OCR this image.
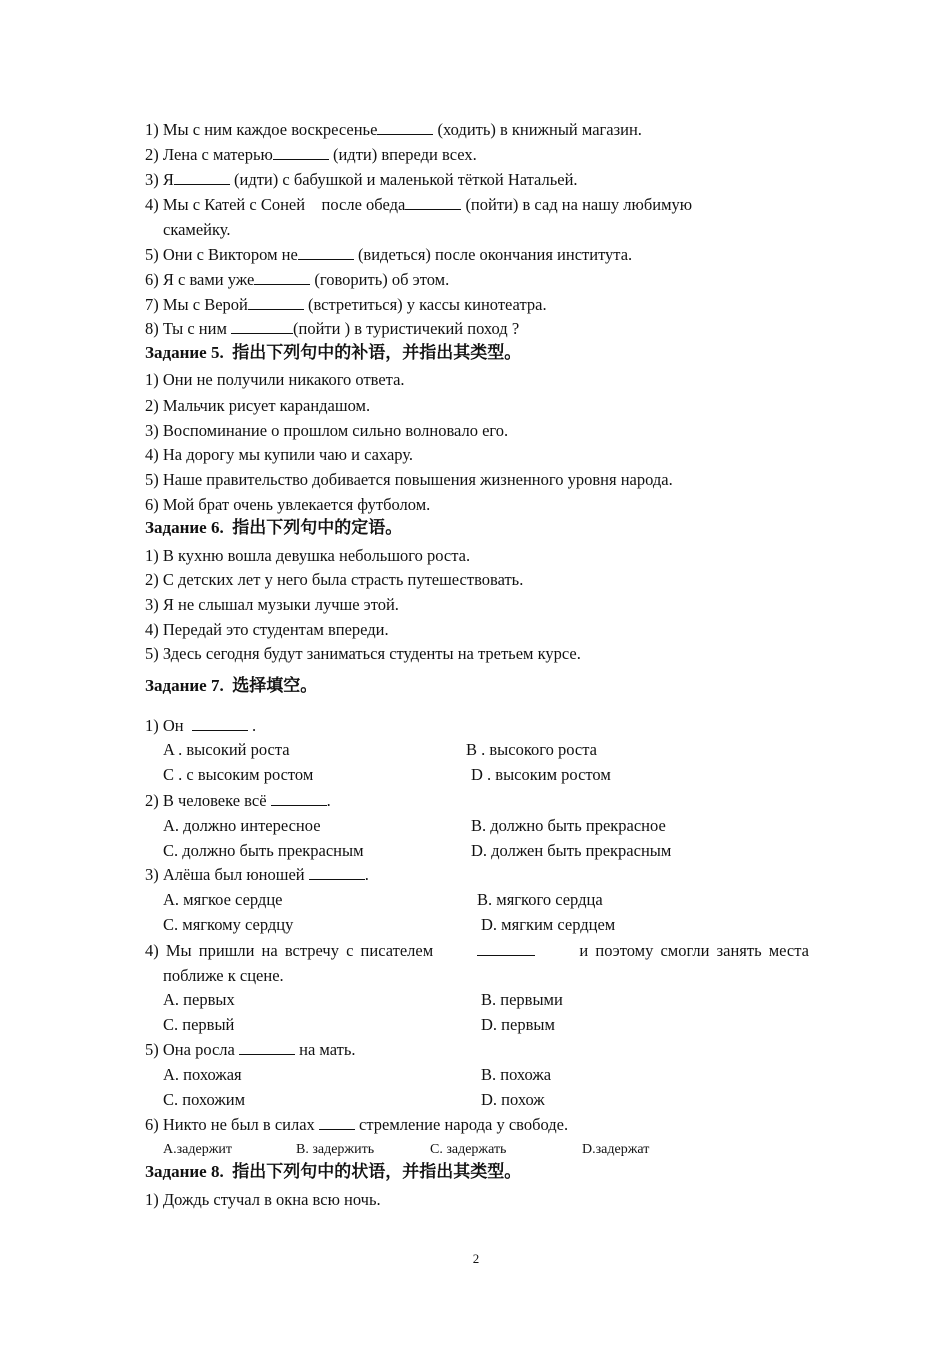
1) Мы с ним каждое воскресенье	(ходить) в книжный магазин.
2) Лена с матерью	(идти) впереди всех.
3) Я	(идти) с бабушкой и маленькой тёткой Натальей.
4) Мы с Катей с Соней    после обеда	(пойти) в сад на нашу любимую
скамейку.
5) Они с Виктором не	(видеться) после окончания института.
6) Я с вами уже	(говорить) об этом.
7) Мы с Верой	(встретиться) у кассы кинотеатра.
8) Ты с ним	(пойти ) в туристичекий поход ?
Задание 5.  指出下列句中的补语，并指出其类型。
1) Они не получили никакого ответа.
2) Мальчик рисует карандашом.
3) Воспоминание о прошлом сильно волновало его.
4) На дорогу мы купили чаю и сахару.
5) Наше правительство добивается повышения жизненного уровня народа.
6) Мой брат очень увлекается футболом.
Задание 6.  指出下列句中的定语。
1) В кухню вошла девушка небольшого роста.
2) С детских лет у него была страсть путешествовать.
3) Я не слышал музыки лучше этой.
4) Передай это студентам впереди.
5) Здесь сегодня будут заниматься студенты на третьем курсе.
Задание 7.  选择填空。
1) Он	.
A . высокий роста	B . высокого роста
C . с высоким ростом	D . высоким ростом
2) В человеке всё	.
A. должно интересное	B. должно быть прекрасное
C. должно быть прекрасным	D. должен быть прекрасным
3) Алёша был юношей	.
A. мягкое сердце	B. мягкого сердца
C. мягкому сердцу	D. мягким сердцем
4) Мы пришли на встречу с писателем	и поэтому смогли занять места
поближе к сцене.
A. первых	B. первыми
C. первый	D. первым
5) Она росла	на мать.
A. похожая	B. похожа
C. похожим	D. похож
6) Никто не был в силах  стремление народа у свободе.
A.задержит	B. задержить	C. задержать	D.задержат
Задание 8.  指出下列句中的状语，并指出其类型。
1) Дождь стучал в окна всю ночь.
2
